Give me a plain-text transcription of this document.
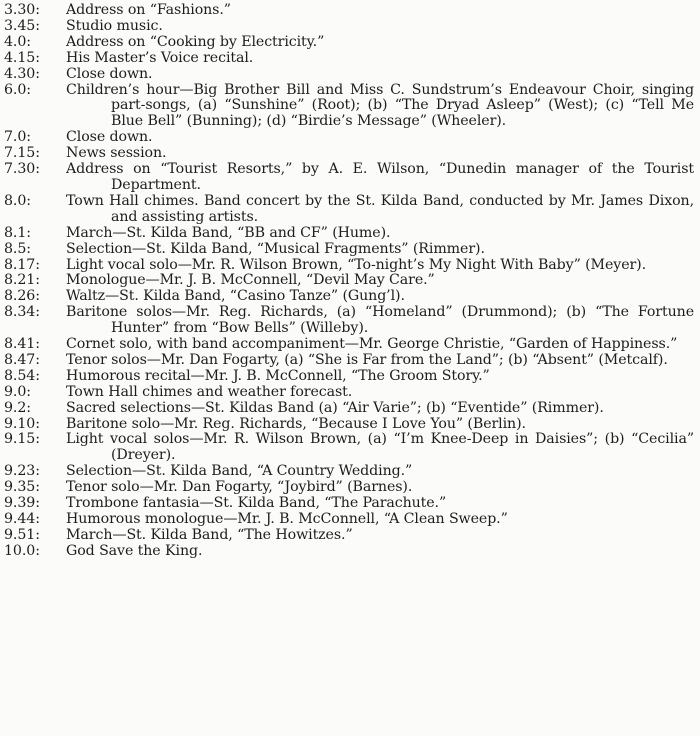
3.30:	Address on “Fashions.”
3.45:	Studio music.
4.0:	Address on “Cooking by Electricity.”
4.15:	His Master’s Voice recital.
4.30:	Close down.
6.0:	Children’s hour—Big Brother Bill and Miss C. Sundstrum’s Endeavour Choir, singing part-songs, (a) “Sunshine” (Root); (b) “The Dryad Asleep” (West); (c) “Tell Me Blue Bell” (Bunning); (d) “Birdie’s Message” (Wheeler).
7.0:	Close down.
7.15:	News session.
7.30:	Address on “Tourist Resorts,” by A. E. Wilson, “Dunedin manager of the Tourist Department.
8.0:	Town Hall chimes. Band concert by the St. Kilda Band, conducted by Mr. James Dixon, and assisting artists.
8.1:	March—St. Kilda Band, “BB and CF” (Hume).
8.5:	Selection—St. Kilda Band, “Musical Fragments” (Rimmer).
8.17:	Light vocal solo—Mr. R. Wilson Brown, “To-night’s My Night With Baby” (Meyer).
8.21:	Monologue—Mr. J. B. McConnell, “Devil May Care.”
8.26:	Waltz—St. Kilda Band, “Casino Tanze” (Gung’l).
8.34:	Baritone solos—Mr. Reg. Richards, (a) “Homeland” (Drummond); (b) “The Fortune Hunter” from “Bow Bells” (Willeby).
8.41:	Cornet solo, with band accompaniment—Mr. George Christie, “Garden of Happiness.”
8.47:	Tenor solos—Mr. Dan Fogarty, (a) “She is Far from the Land”; (b) “Absent” (Metcalf).
8.54:	Humorous recital—Mr. J. B. McConnell, “The Groom Story.”
9.0:	Town Hall chimes and weather forecast.
9.2:	Sacred selections—St. Kildas Band (a) “Air Varie”; (b) “Eventide” (Rimmer).
9.10:	Baritone solo—Mr. Reg. Richards, “Because I Love You” (Berlin).
9.15:	Light vocal solos—Mr. R. Wilson Brown, (a) “I’m Knee-Deep in Daisies”; (b) “Cecilia” (Dreyer).
9.23:	Selection—St. Kilda Band, “A Country Wedding.”
9.35:	Tenor solo—Mr. Dan Fogarty, “Joybird” (Barnes).
9.39:	Trombone fantasia—St. Kilda Band, “The Parachute.”
9.44:	Humorous monologue—Mr. J. B. McConnell, “A Clean Sweep.”
9.51:	March—St. Kilda Band, “The Howitzes.”
10.0:	God Save the King.
